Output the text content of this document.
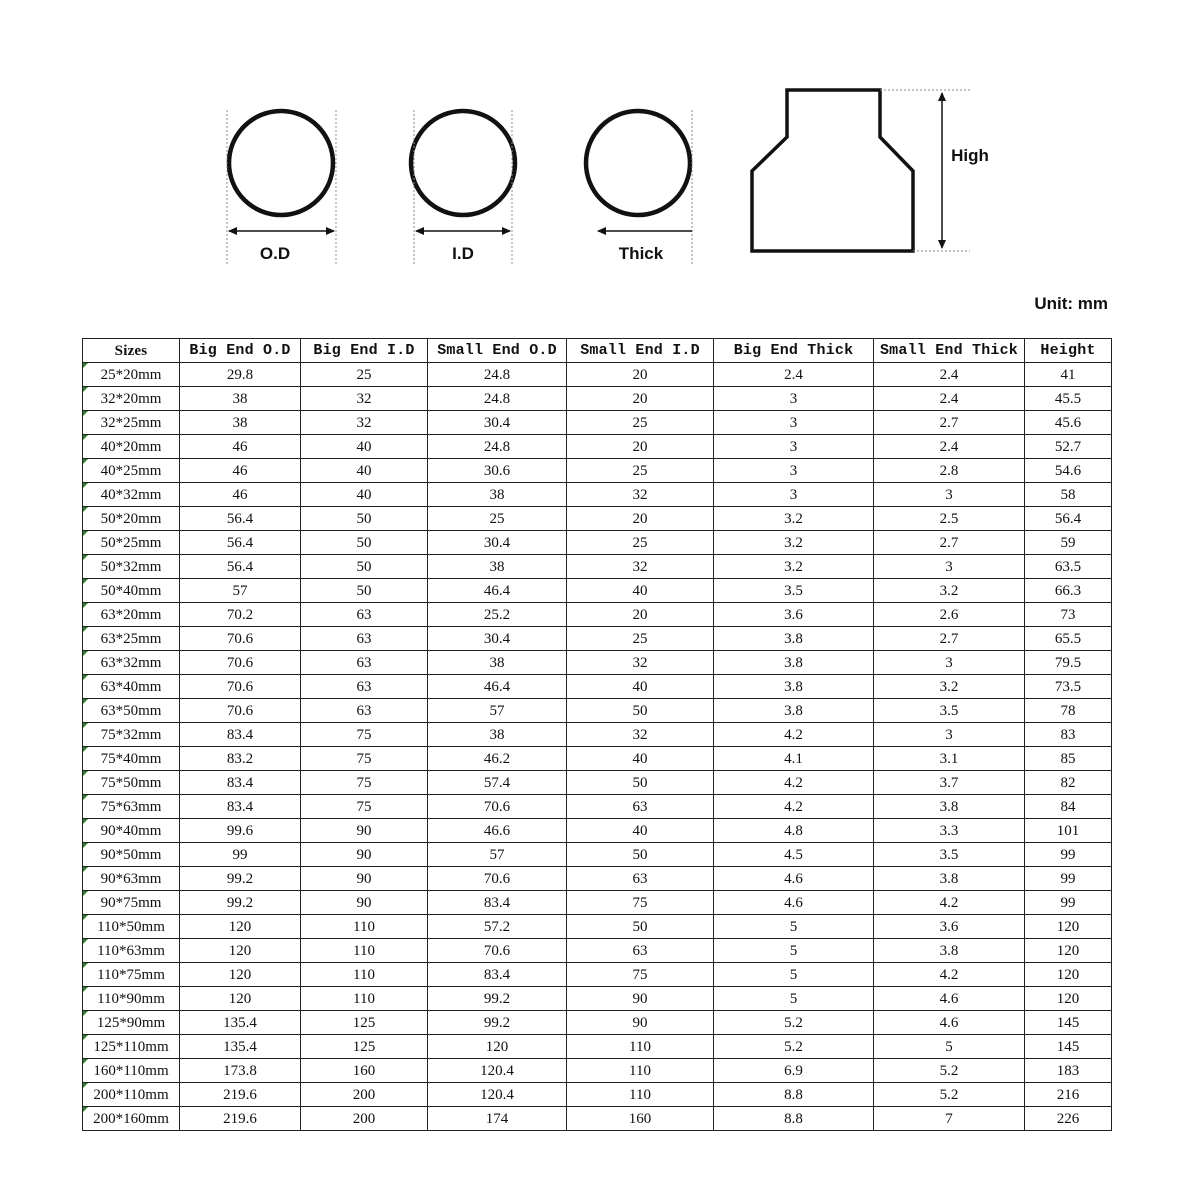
O.D	I.D	Thick
High
Unit: mm
Sizes	Big End O.D	Big End I.D	Small End O.D	Small End I.D	Big End Thick	Small End Thick	Height
25*20mm	29.8	25	24.8	20	2.4	2.4	41
32*20mm	38	32	24.8	20	3	2.4	45.5
32*25mm	38	32	30.4	25	3	2.7	45.6
40*20mm	46	40	24.8	20	3	2.4	52.7
40*25mm	46	40	30.6	25	3	2.8	54.6
40*32mm	46	40	38	32	3	3	58
50*20mm	56.4	50	25	20	3.2	2.5	56.4
50*25mm	56.4	50	30.4	25	3.2	2.7	59
50*32mm	56.4	50	38	32	3.2	3	63.5
50*40mm	57	50	46.4	40	3.5	3.2	66.3
63*20mm	70.2	63	25.2	20	3.6	2.6	73
63*25mm	70.6	63	30.4	25	3.8	2.7	65.5
63*32mm	70.6	63	38	32	3.8	3	79.5
63*40mm	70.6	63	46.4	40	3.8	3.2	73.5
63*50mm	70.6	63	57	50	3.8	3.5	78
75*32mm	83.4	75	38	32	4.2	3	83
75*40mm	83.2	75	46.2	40	4.1	3.1	85
75*50mm	83.4	75	57.4	50	4.2	3.7	82
75*63mm	83.4	75	70.6	63	4.2	3.8	84
90*40mm	99.6	90	46.6	40	4.8	3.3	101
90*50mm	99	90	57	50	4.5	3.5	99
90*63mm	99.2	90	70.6	63	4.6	3.8	99
90*75mm	99.2	90	83.4	75	4.6	4.2	99
110*50mm	120	110	57.2	50	5	3.6	120
110*63mm	120	110	70.6	63	5	3.8	120
110*75mm	120	110	83.4	75	5	4.2	120
110*90mm	120	110	99.2	90	5	4.6	120
125*90mm	135.4	125	99.2	90	5.2	4.6	145
125*110mm	135.4	125	120	110	5.2	5	145
160*110mm	173.8	160	120.4	110	6.9	5.2	183
200*110mm	219.6	200	120.4	110	8.8	5.2	216
200*160mm	219.6	200	174	160	8.8	7	226
